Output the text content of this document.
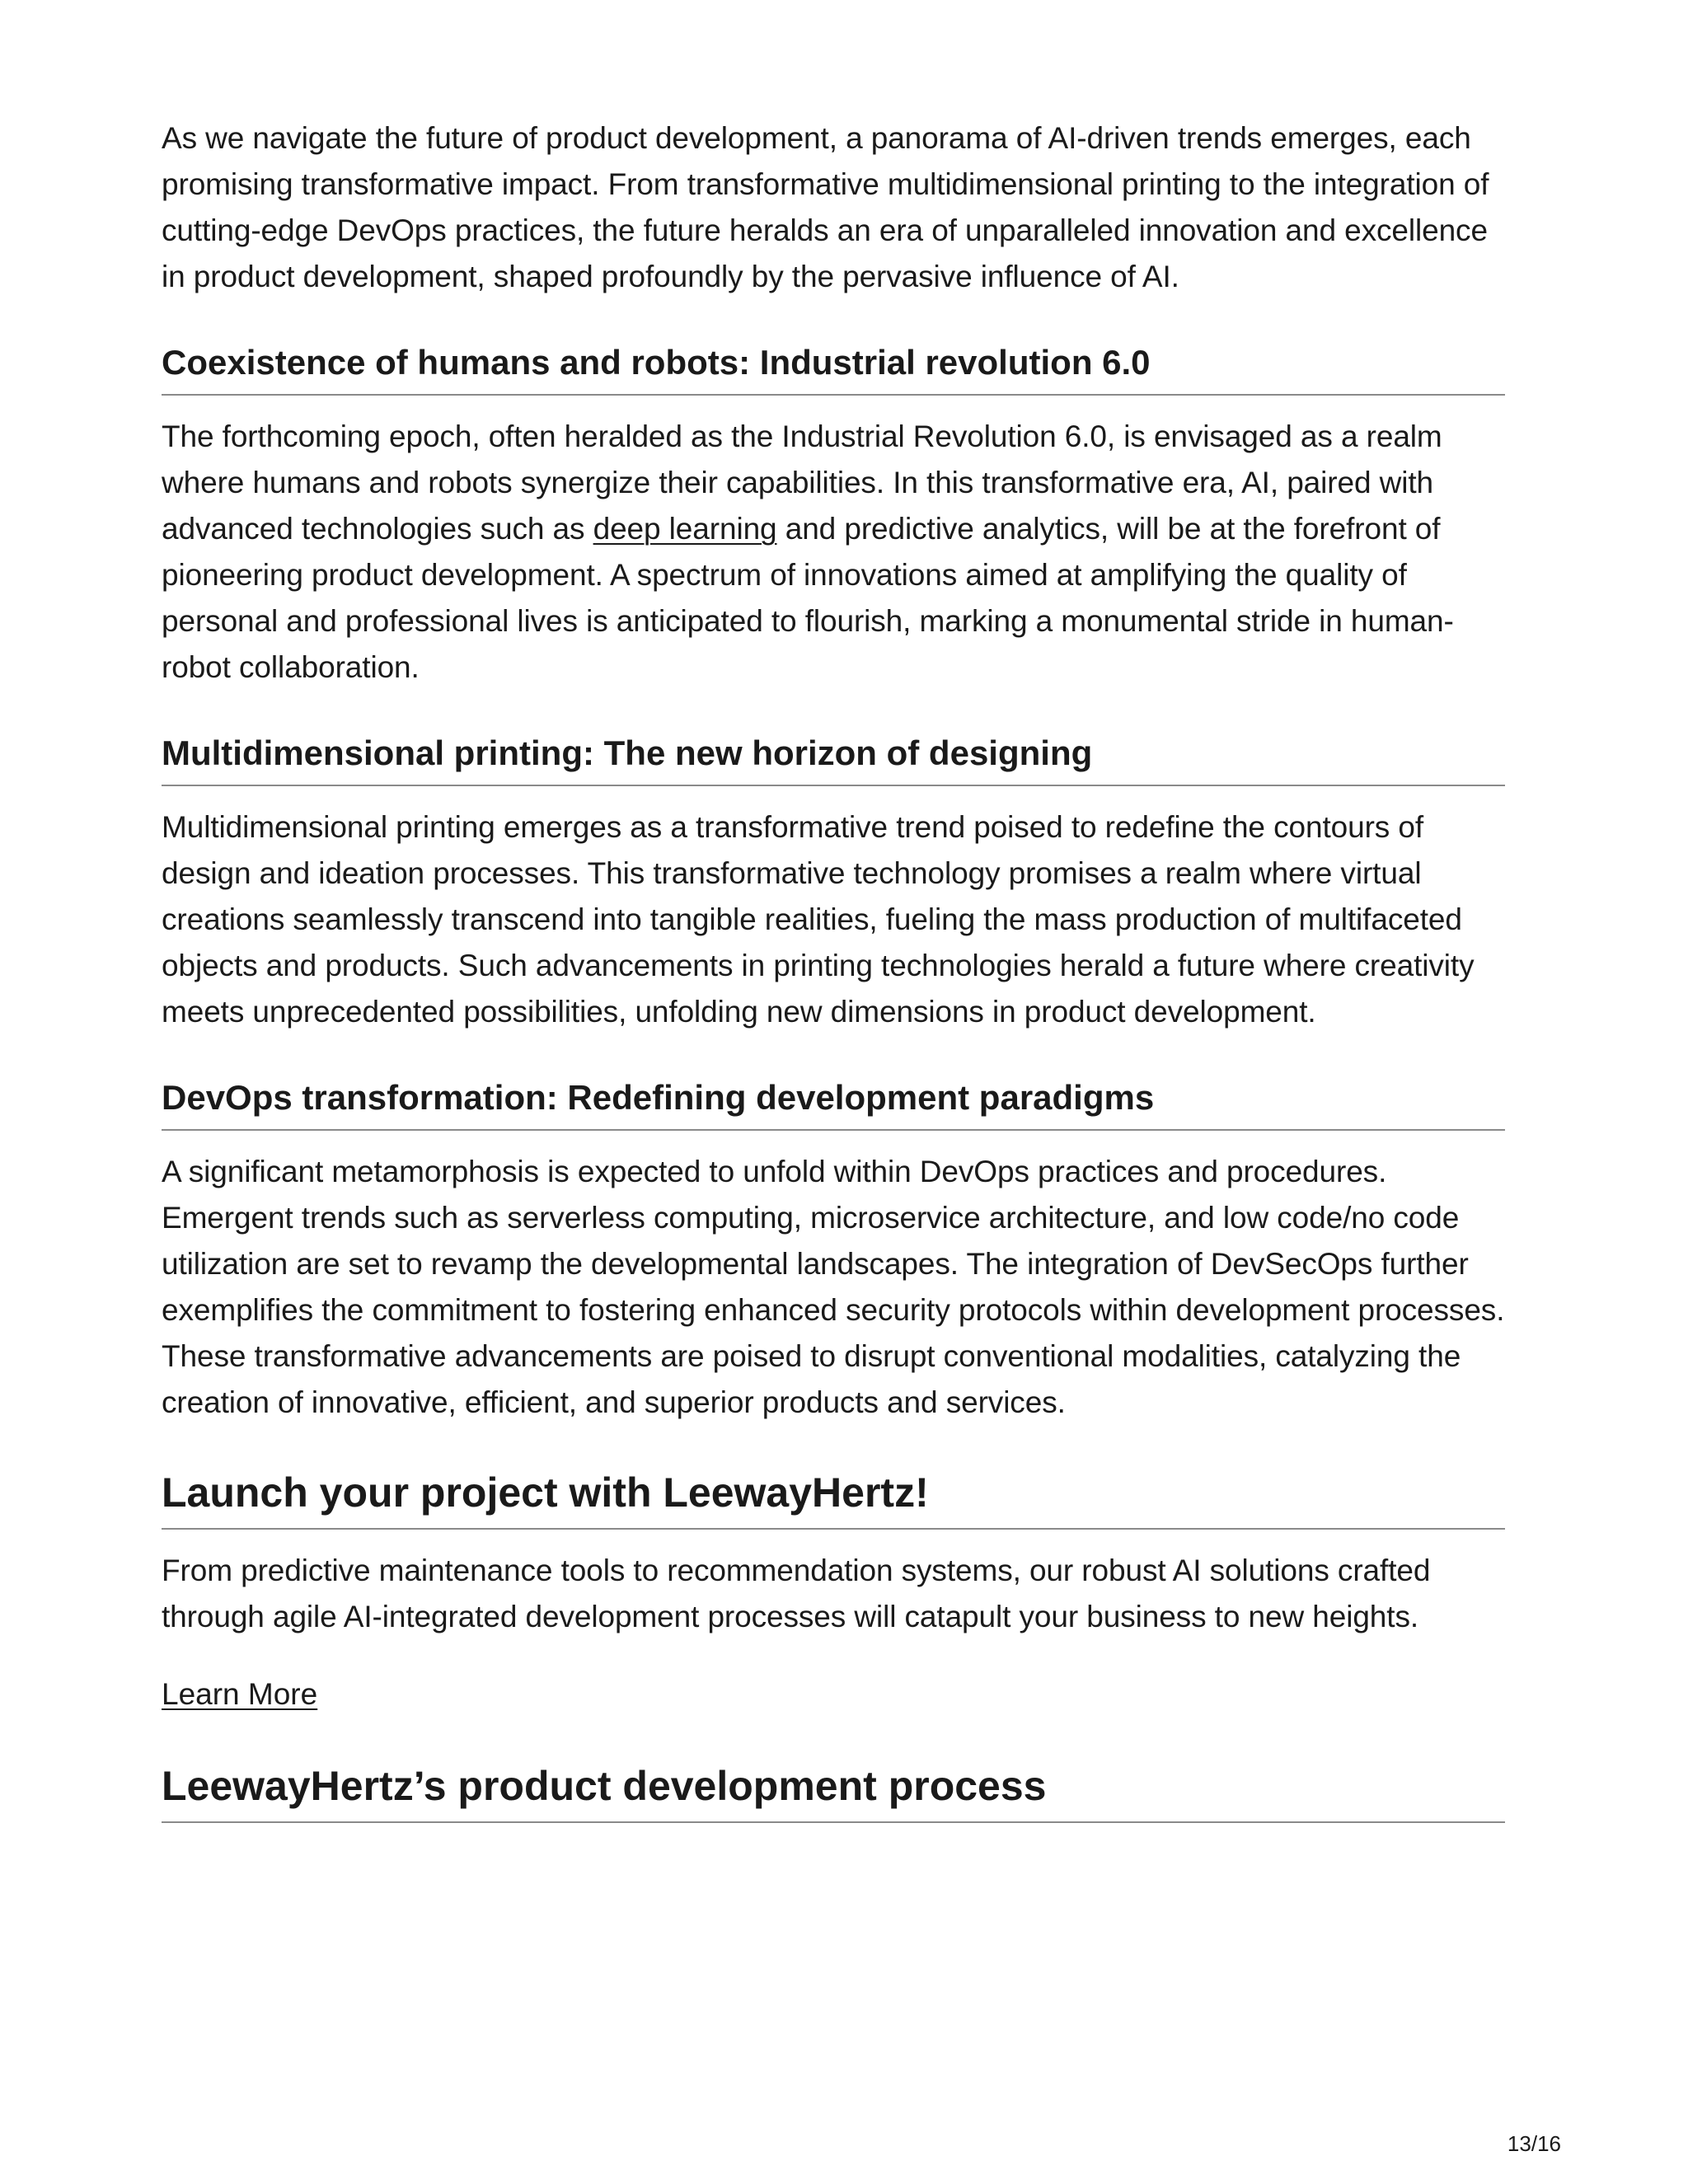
As we navigate the future of product development, a panorama of AI-driven trends emerges, each promising transformative impact. From transformative multidimensional printing to the integration of cutting-edge DevOps practices, the future heralds an era of unparalleled innovation and excellence in product development, shaped profoundly by the pervasive influence of AI.

Coexistence of humans and robots: Industrial revolution 6.0

The forthcoming epoch, often heralded as the Industrial Revolution 6.0, is envisaged as a realm where humans and robots synergize their capabilities. In this transformative era, AI, paired with advanced technologies such as deep learning and predictive analytics, will be at the forefront of pioneering product development. A spectrum of innovations aimed at amplifying the quality of personal and professional lives is anticipated to flourish, marking a monumental stride in human-robot collaboration.

Multidimensional printing: The new horizon of designing

Multidimensional printing emerges as a transformative trend poised to redefine the contours of design and ideation processes. This transformative technology promises a realm where virtual creations seamlessly transcend into tangible realities, fueling the mass production of multifaceted objects and products. Such advancements in printing technologies herald a future where creativity meets unprecedented possibilities, unfolding new dimensions in product development.

DevOps transformation: Redefining development paradigms

A significant metamorphosis is expected to unfold within DevOps practices and procedures. Emergent trends such as serverless computing, microservice architecture, and low code/no code utilization are set to revamp the developmental landscapes. The integration of DevSecOps further exemplifies the commitment to fostering enhanced security protocols within development processes. These transformative advancements are poised to disrupt conventional modalities, catalyzing the creation of innovative, efficient, and superior products and services.

Launch your project with LeewayHertz!

From predictive maintenance tools to recommendation systems, our robust AI solutions crafted through agile AI-integrated development processes will catapult your business to new heights.

Learn More
LeewayHertz’s product development process
13/16
